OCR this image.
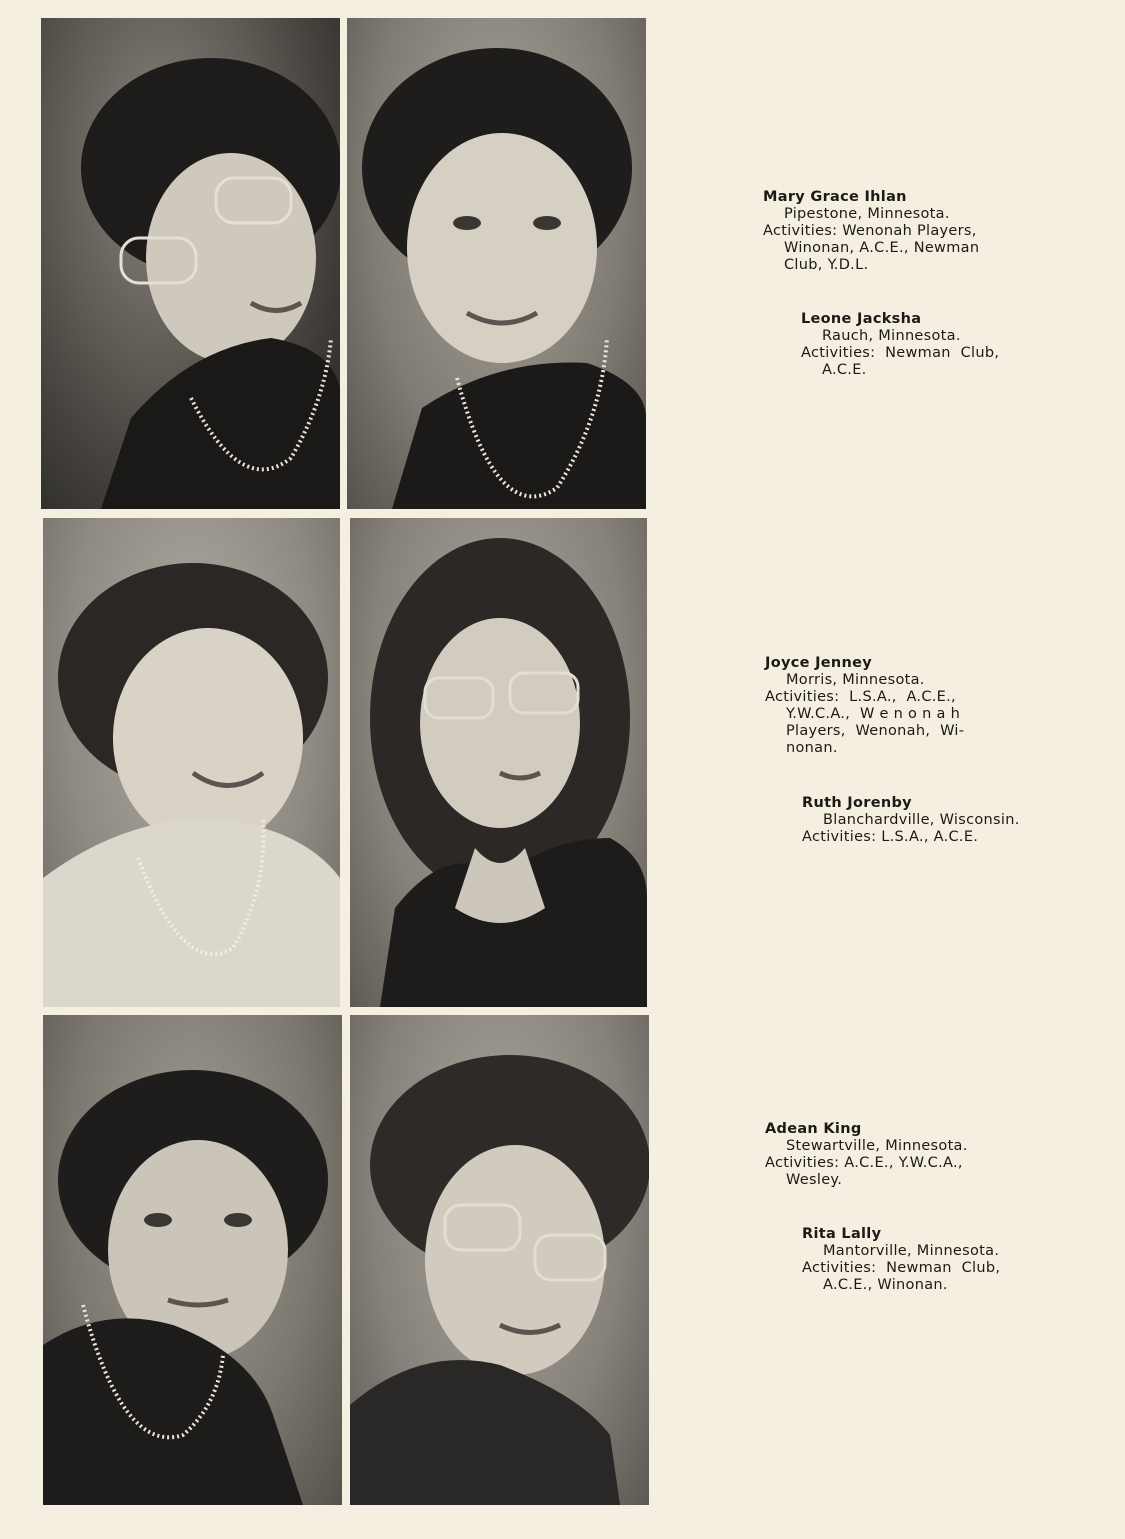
Mary Grace Ihlan
Pipestone, Minnesota.
Activities: Wenonah Players,
Winonan, A.C.E., Newman
Club, Y.D.L.
Leone Jacksha
Rauch, Minnesota.
Activities:  Newman  Club,
A.C.E.
Joyce Jenney
Morris, Minnesota.
Activities:  L.S.A.,  A.C.E.,
Y.W.C.A.,  W e n o n a h
Players,  Wenonah,  Wi-
nonan.
Ruth Jorenby
Blanchardville, Wisconsin.
Activities: L.S.A., A.C.E.
Adean King
Stewartville, Minnesota.
Activities: A.C.E., Y.W.C.A.,
Wesley.
Rita Lally
Mantorville, Minnesota.
Activities:  Newman  Club,
A.C.E., Winonan.
